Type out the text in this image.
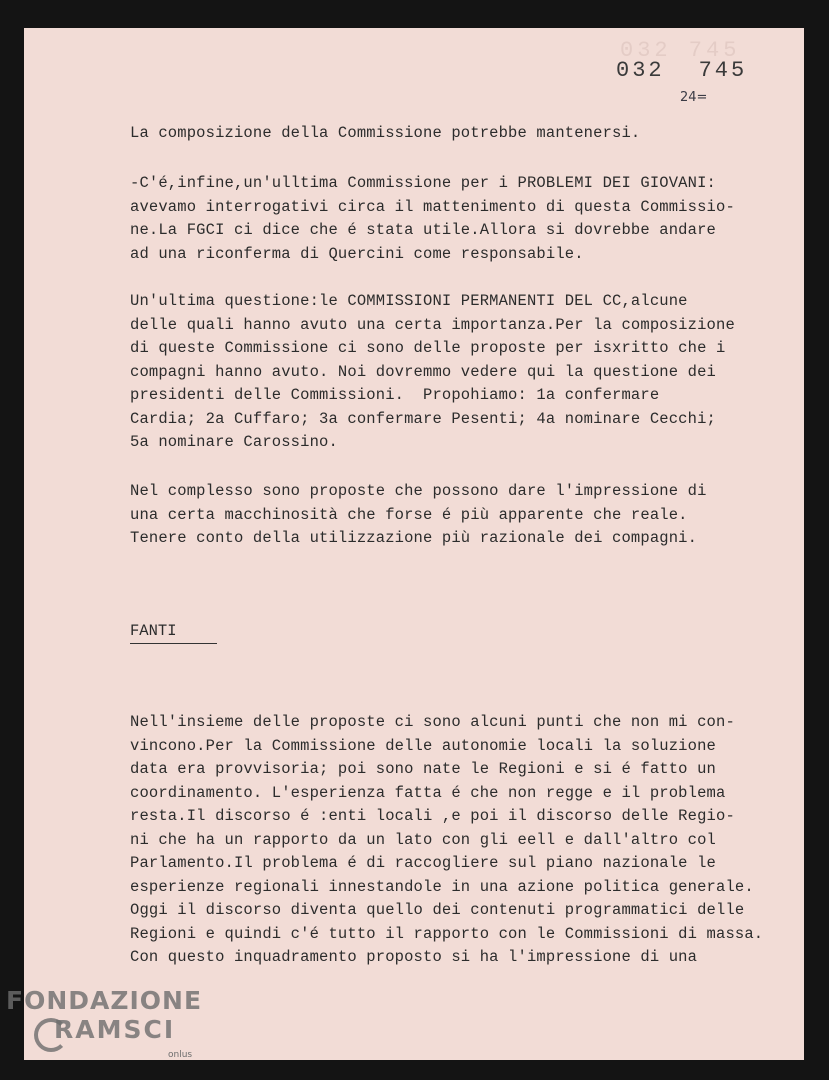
032 745
032 745
24=
La composizione della Commissione potrebbe mantenersi.
-C'é,infine,un'ulltima Commissione per i PROBLEMI DEI GIOVANI:
avevamo interrogativi circa il mattenimento di questa Commissio-
ne.La FGCI ci dice che é stata utile.Allora si dovrebbe andare
ad una riconferma di Quercini come responsabile.
Un'ultima questione:le COMMISSIONI PERMANENTI DEL CC,alcune
delle quali hanno avuto una certa importanza.Per la composizione
di queste Commissione ci sono delle proposte per isxritto che i
compagni hanno avuto. Noi dovremmo vedere qui la questione dei
presidenti delle Commissioni.  Propohiamo: 1a confermare
Cardia; 2a Cuffaro; 3a confermare Pesenti; 4a nominare Cecchi;
5a nominare Carossino.
Nel complesso sono proposte che possono dare l'impressione di
una certa macchinosità che forse é più apparente che reale.
Tenere conto della utilizzazione più razionale dei compagni.
FANTI
Nell'insieme delle proposte ci sono alcuni punti che non mi con-
vincono.Per la Commissione delle autonomie locali la soluzione
data era provvisoria; poi sono nate le Regioni e si é fatto un
coordinamento. L'esperienza fatta é che non regge e il problema
resta.Il discorso é :enti locali ,e poi il discorso delle Regio-
ni che ha un rapporto da un lato con gli eell e dall'altro col
Parlamento.Il problema é di raccogliere sul piano nazionale le
esperienze regionali innestandole in una azione politica generale.
Oggi il discorso diventa quello dei contenuti programmatici delle
Regioni e quindi c'é tutto il rapporto con le Commissioni di massa.
Con questo inquadramento proposto si ha l'impressione di una
FONDAZIONE
RAMSCI
onlus
